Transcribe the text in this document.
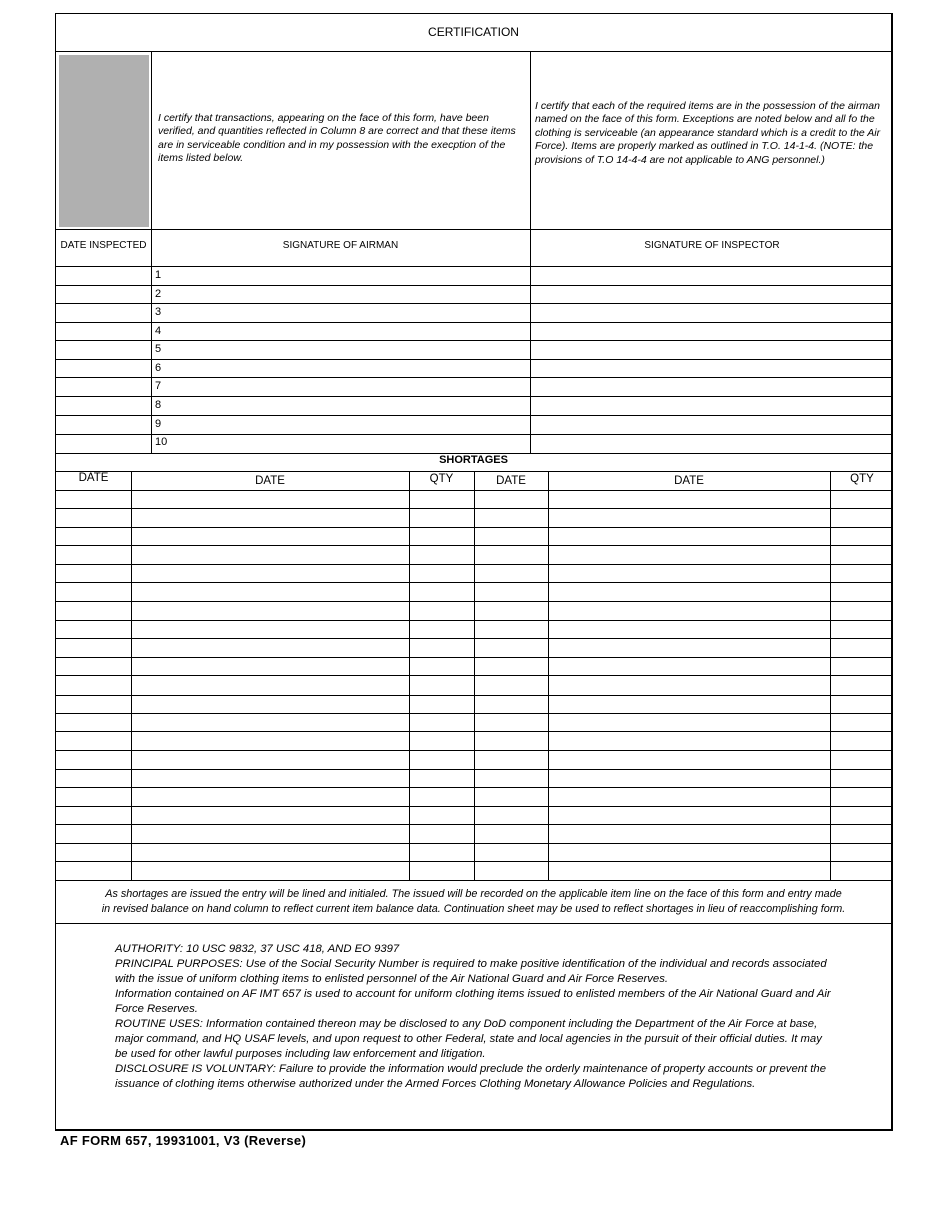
CERTIFICATION
I certify that transactions, appearing on the face of this form, have been verified, and quantities reflected in Column 8 are correct and that these items are in serviceable condition and in my possession with the execption of the items listed below.
I certify that each of the required items are in the possession of the airman named on the face of this form. Exceptions are noted below and all fo the clothing is serviceable (an appearance standard which is a credit to the Air Force). Items are properly marked as outlined in T.O. 14-1-4. (NOTE: the provisions of T.O 14-4-4 are not applicable to ANG personnel.)
DATE INSPECTED	SIGNATURE OF AIRMAN	SIGNATURE OF INSPECTOR
1
2
3
4
5
6
7
8
9
10
SHORTAGES
DATE	DATE	QTY	DATE	DATE	QTY
As shortages are issued the entry will be lined and initialed. The issued will be recorded on the applicable item line on the face of this form and entry made
in revised balance on hand column to reflect current item balance data. Continuation sheet may be used to reflect shortages in lieu of reaccomplishing form.
AUTHORITY: 10 USC 9832, 37 USC 418, AND EO 9397
PRINCIPAL PURPOSES: Use of the Social Security Number is required to make positive identification of the individual and records associated with the issue of uniform clothing items to enlisted personnel of the Air National Guard and Air Force Reserves.
Information contained on AF IMT 657 is used to account for uniform clothing items issued to enlisted members of the Air National Guard and Air Force Reserves.
ROUTINE USES: Information contained thereon may be disclosed to any DoD component including the Department of the Air Force at base, major command, and HQ USAF levels, and upon request to other Federal, state and local agencies in the pursuit of their official duties. It may be used for other lawful purposes including law enforcement and litigation.
DISCLOSURE IS VOLUNTARY: Failure to provide the information would preclude the orderly maintenance of property accounts or prevent the issuance of clothing items otherwise authorized under the Armed Forces Clothing Monetary Allowance Policies and Regulations.
AF FORM 657, 19931001, V3 (Reverse)
